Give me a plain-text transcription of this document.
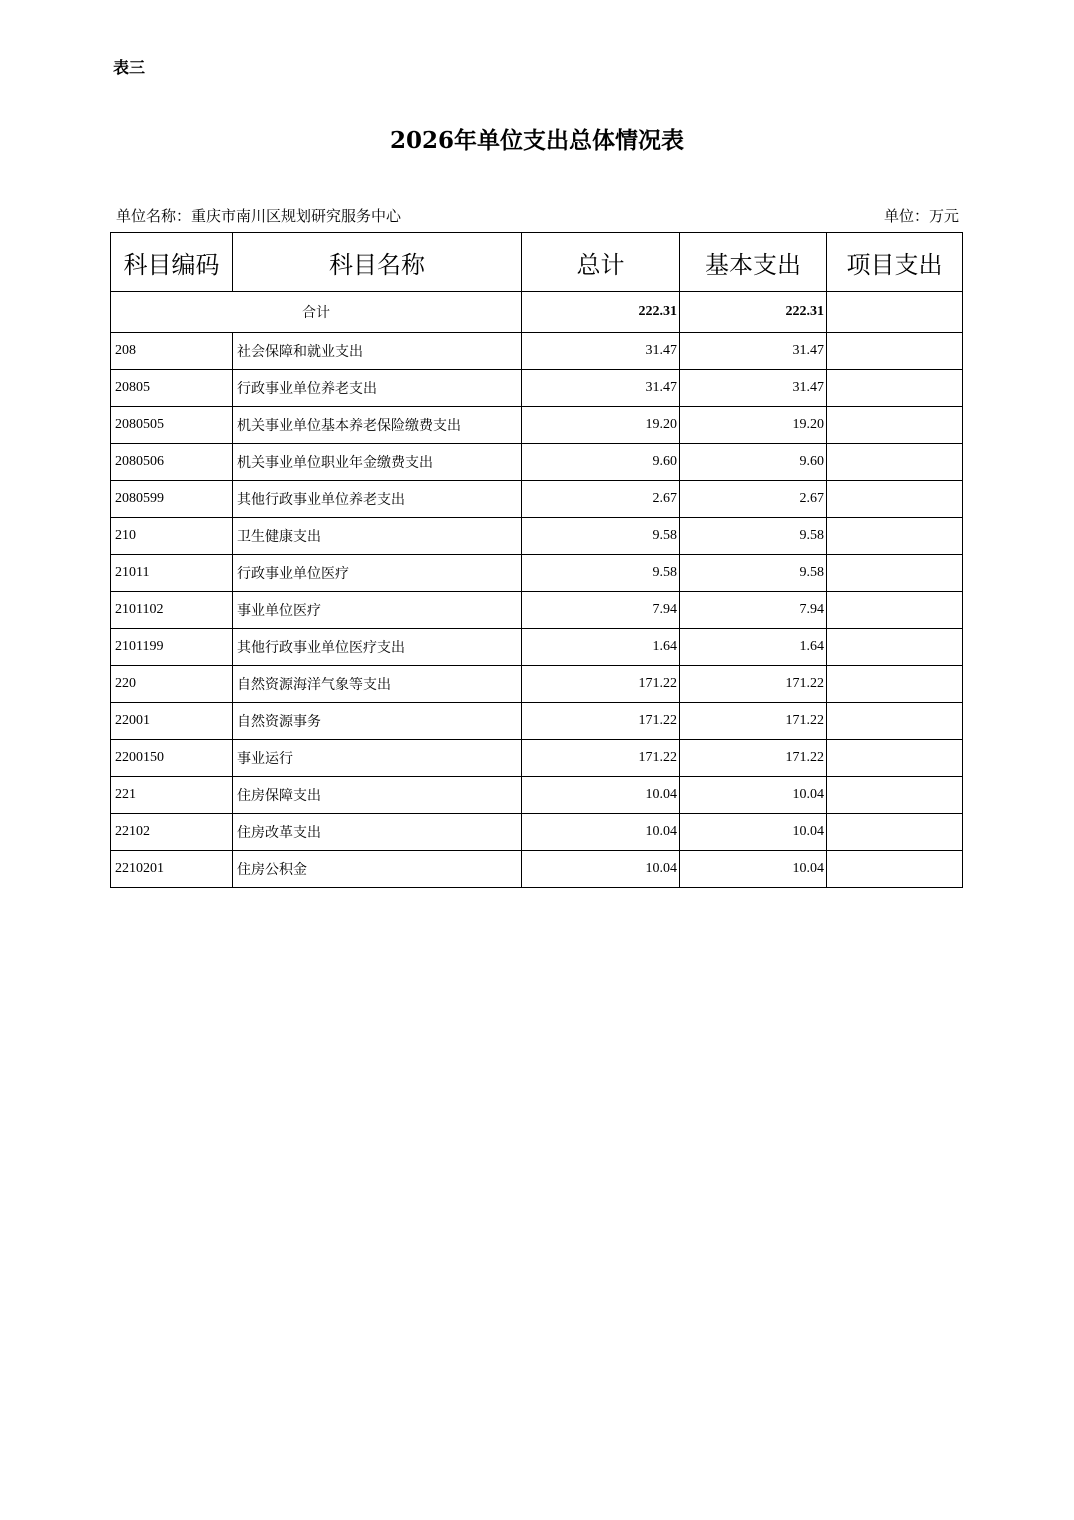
表三
2026年单位支出总体情况表
单位名称：重庆市南川区规划研究服务中心	单位：万元
科目编码	科目名称	总计	基本支出	项目支出
合计		222.31	222.31	
208	社会保障和就业支出	31.47	31.47	
20805	行政事业单位养老支出	31.47	31.47	
2080505	机关事业单位基本养老保险缴费支出	19.20	19.20	
2080506	机关事业单位职业年金缴费支出	9.60	9.60	
2080599	其他行政事业单位养老支出	2.67	2.67	
210	卫生健康支出	9.58	9.58	
21011	行政事业单位医疗	9.58	9.58	
2101102	事业单位医疗	7.94	7.94	
2101199	其他行政事业单位医疗支出	1.64	1.64	
220	自然资源海洋气象等支出	171.22	171.22	
22001	自然资源事务	171.22	171.22	
2200150	事业运行	171.22	171.22	
221	住房保障支出	10.04	10.04	
22102	住房改革支出	10.04	10.04	
2210201	住房公积金	10.04	10.04	
